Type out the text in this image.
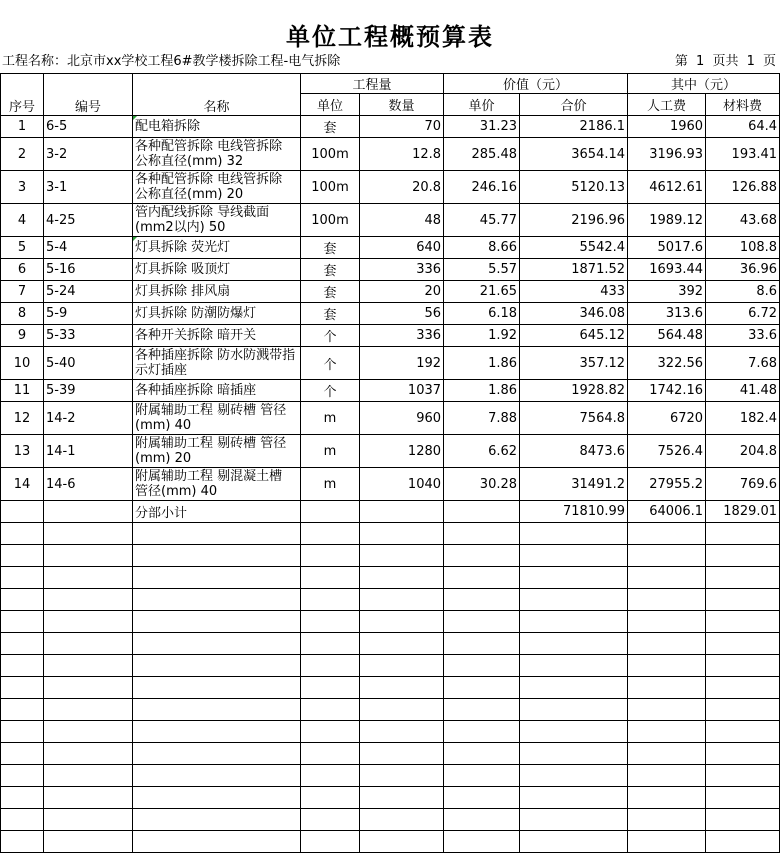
单位工程概预算表
工程名称：北京市xx学校工程6#教学楼拆除工程-电气拆除	第 1 页共 1 页
序号	编号	名称	工程量		价值（元）		其中（元）	
			单位	数量	单价	合价	人工费	材料费
1	6-5	配电箱拆除	套	70	31.23	2186.1	1960	64.4
2	3-2	各种配管拆除 电线管拆除 公称直径(mm) 32	100m	12.8	285.48	3654.14	3196.93	193.41
3	3-1	各种配管拆除 电线管拆除 公称直径(mm) 20	100m	20.8	246.16	5120.13	4612.61	126.88
4	4-25	管内配线拆除 导线截面(mm2以内) 50	100m	48	45.77	2196.96	1989.12	43.68
5	5-4	灯具拆除 荧光灯	套	640	8.66	5542.4	5017.6	108.8
6	5-16	灯具拆除 吸顶灯	套	336	5.57	1871.52	1693.44	36.96
7	5-24	灯具拆除 排风扇	套	20	21.65	433	392	8.6
8	5-9	灯具拆除 防潮防爆灯	套	56	6.18	346.08	313.6	6.72
9	5-33	各种开关拆除 暗开关	个	336	1.92	645.12	564.48	33.6
10	5-40	各种插座拆除 防水防溅带指示灯插座	个	192	1.86	357.12	322.56	7.68
11	5-39	各种插座拆除 暗插座	个	1037	1.86	1928.82	1742.16	41.48
12	14-2	附属辅助工程 剔砖槽 管径(mm) 40	m	960	7.88	7564.8	6720	182.4
13	14-1	附属辅助工程 剔砖槽 管径(mm) 20	m	1280	6.62	8473.6	7526.4	204.8
14	14-6	附属辅助工程 剔混凝土槽 管径(mm) 40	m	1040	30.28	31491.2	27955.2	769.6
		分部小计				71810.99	64006.1	1829.01
